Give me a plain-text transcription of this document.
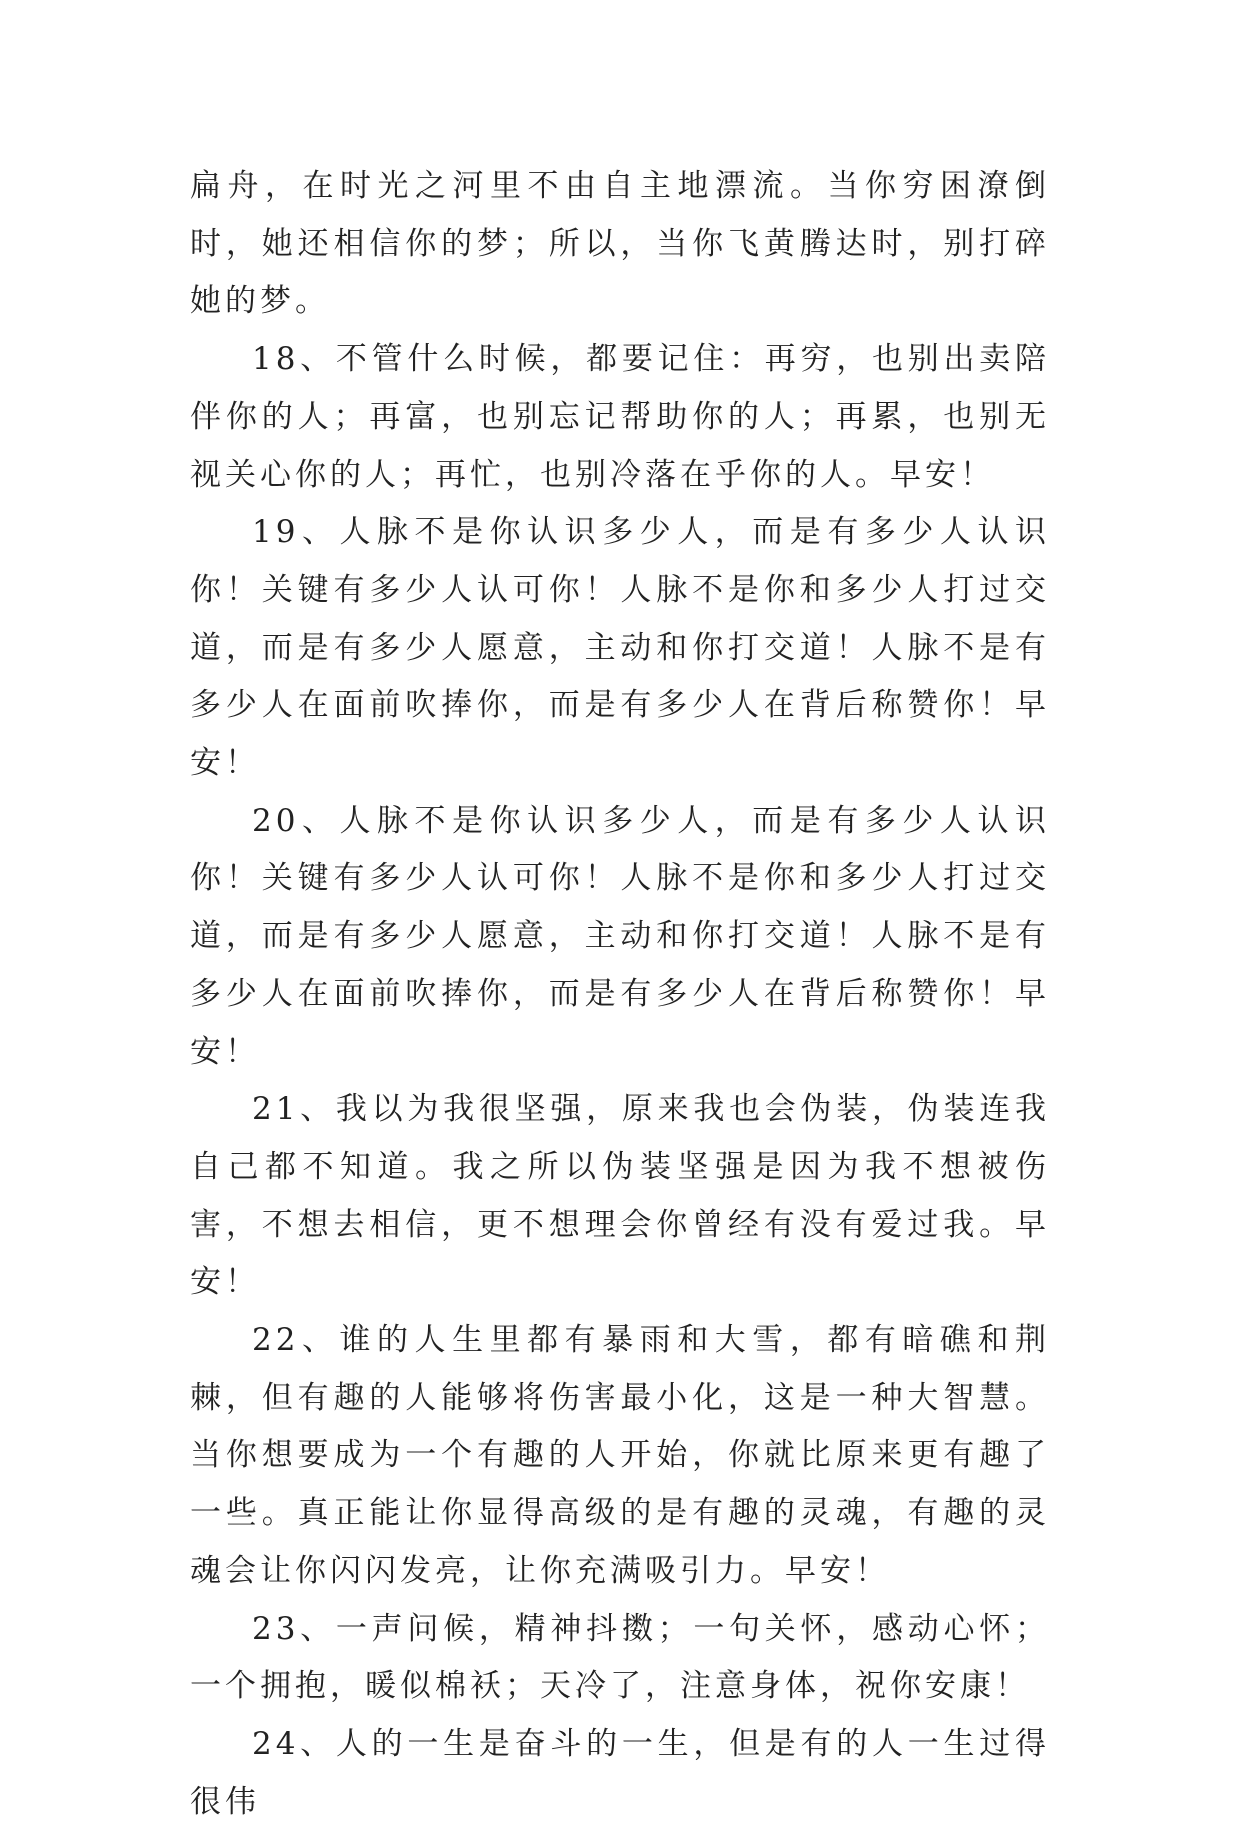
扁舟，在时光之河里不由自主地漂流。当你穷困潦倒时，她还相信你的梦；所以，当你飞黄腾达时，别打碎她的梦。

18、不管什么时候，都要记住：再穷，也别出卖陪伴你的人；再富，也别忘记帮助你的人；再累，也别无视关心你的人；再忙，也别冷落在乎你的人。早安！

19、人脉不是你认识多少人，而是有多少人认识你！关键有多少人认可你！人脉不是你和多少人打过交道，而是有多少人愿意，主动和你打交道！人脉不是有多少人在面前吹捧你，而是有多少人在背后称赞你！早安！

20、人脉不是你认识多少人，而是有多少人认识你！关键有多少人认可你！人脉不是你和多少人打过交道，而是有多少人愿意，主动和你打交道！人脉不是有多少人在面前吹捧你，而是有多少人在背后称赞你！早安！

21、我以为我很坚强，原来我也会伪装，伪装连我自己都不知道。我之所以伪装坚强是因为我不想被伤害，不想去相信，更不想理会你曾经有没有爱过我。早安！

22、谁的人生里都有暴雨和大雪，都有暗礁和荆棘，但有趣的人能够将伤害最小化，这是一种大智慧。当你想要成为一个有趣的人开始，你就比原来更有趣了一些。真正能让你显得高级的是有趣的灵魂，有趣的灵魂会让你闪闪发亮，让你充满吸引力。早安！

23、一声问候，精神抖擞；一句关怀，感动心怀；一个拥抱，暖似棉袄；天冷了，注意身体，祝你安康！

24、人的一生是奋斗的一生，但是有的人一生过得很伟
